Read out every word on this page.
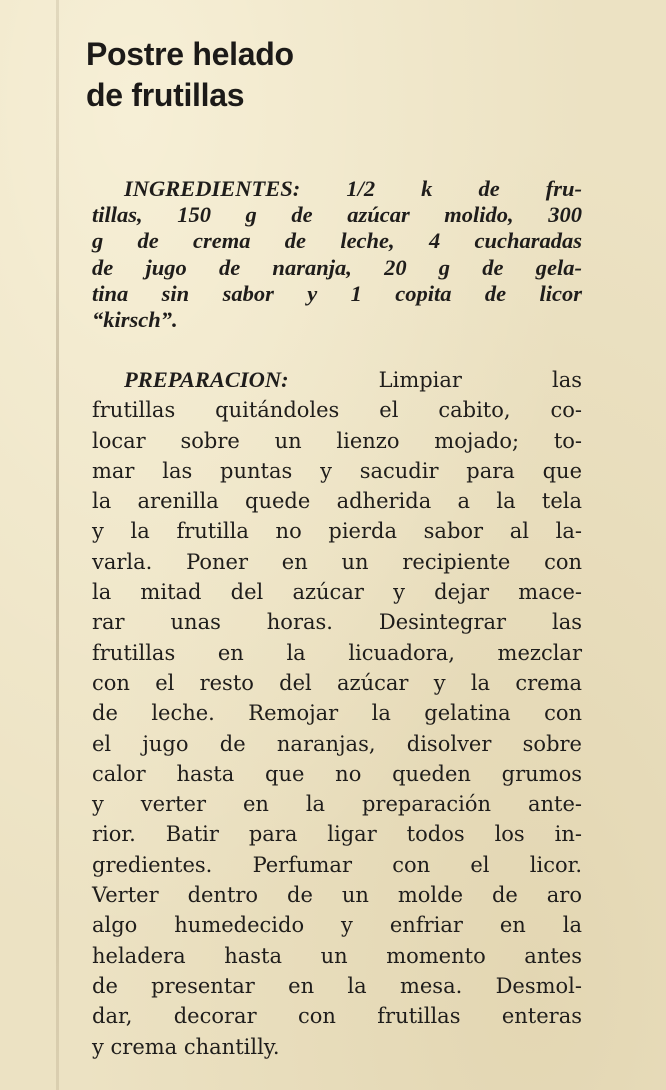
Postre helado
de frutillas
INGREDIENTES: 1/2 k de fru-
tillas, 150 g de azúcar molido, 300
g de crema de leche, 4 cucharadas
de jugo de naranja, 20 g de gela-
tina sin sabor y 1 copita de licor
“kirsch”.
PREPARACION: Limpiar las
frutillas quitándoles el cabito, co-
locar sobre un lienzo mojado; to-
mar las puntas y sacudir para que
la arenilla quede adherida a la tela
y la frutilla no pierda sabor al la-
varla. Poner en un recipiente con
la mitad del azúcar y dejar mace-
rar unas horas. Desintegrar las
frutillas en la licuadora, mezclar
con el resto del azúcar y la crema
de leche. Remojar la gelatina con
el jugo de naranjas, disolver sobre
calor hasta que no queden grumos
y verter en la preparación ante-
rior. Batir para ligar todos los in-
gredientes. Perfumar con el licor.
Verter dentro de un molde de aro
algo humedecido y enfriar en la
heladera hasta un momento antes
de presentar en la mesa. Desmol-
dar, decorar con frutillas enteras
y crema chantilly.
